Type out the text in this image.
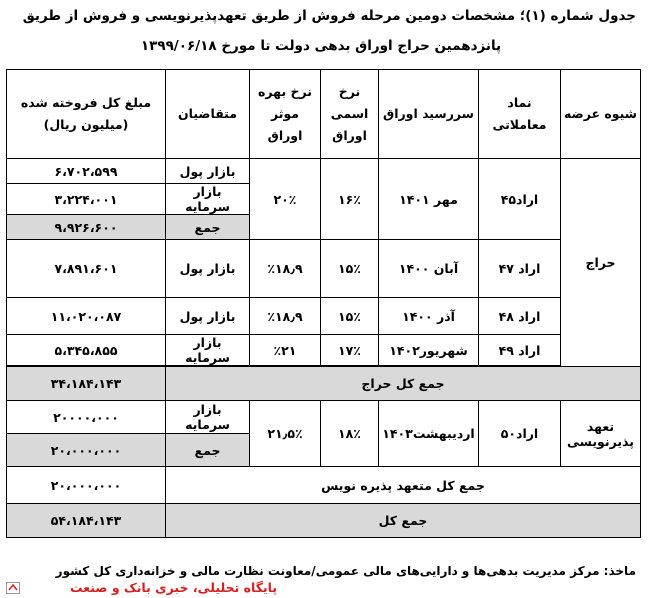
جدول شماره (۱)؛ مشخصات دومین مرحله فروش از طریق تعهدپذیرنویسی و فروش از طریق
پانزدهمین حراج اوراق بدهی دولت تا مورخ ۱۳۹۹/۰۶/۱۸
شیوه عرضه	نماد معاملاتی	سررسید اوراق	نرخ اسمی اوراق	نرخ بهره موثر اوراق	متقاضیان	مبلغ کل فروخته شده (میلیون ریال)
حراج	اراد۴۵	مهر ۱۴۰۱	۱۶٪	۲۰٪	بازار پول	۶،۷۰۲،۵۹۹
					بازار سرمایه	۳،۲۲۴،۰۰۱
					جمع	۹،۹۲۶،۶۰۰
	اراد ۴۷	آبان ۱۴۰۰	۱۵٪	٪۱۸٫۹	بازار پول	۷،۸۹۱،۶۰۱
	اراد ۴۸	آذر ۱۴۰۰	۱۵٪	٪۱۸٫۹	بازار پول	۱۱،۰۲۰،۰۸۷
	اراد ۴۹	شهریور۱۴۰۲	۱۷٪	٪۲۱	بازار سرمایه	۵،۳۴۵،۸۵۵

جمع کل حراج						۳۴،۱۸۴،۱۴۳
تعهد پذیرنویسی	اراد۵۰	اردیبهشت۱۴۰۳	۱۸٪	۲۱٫۵٪	بازار سرمایه	۲۰۰۰۰،۰۰۰
					جمع	۲۰،۰۰۰،۰۰۰
جمع کل متعهد پذیره نویس						۲۰،۰۰۰،۰۰۰
جمع کل						۵۴،۱۸۴،۱۴۳
ماخذ: مرکز مدیریت بدهی‌ها و دارایی‌های مالی عمومی/معاونت نظارت مالی و خزانه‌داری کل کشور
پایگاه تحلیلی، خبری بانک و صنعت
